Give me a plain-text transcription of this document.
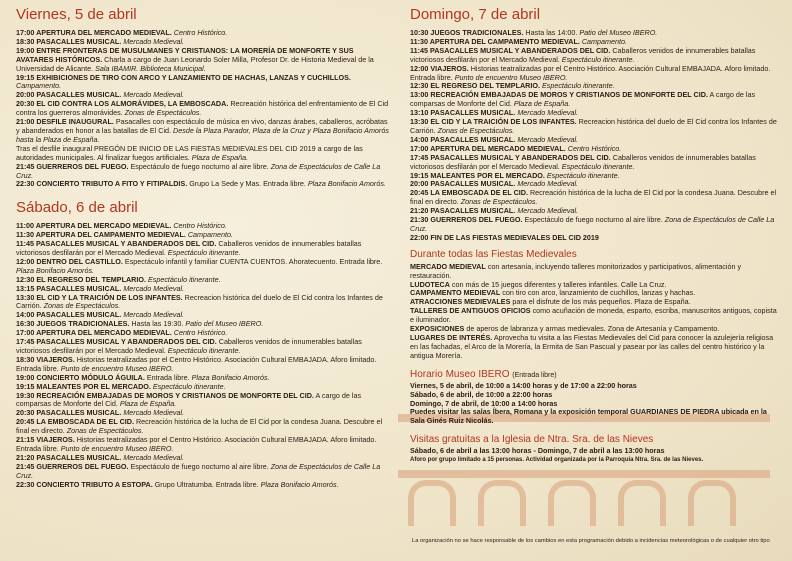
Viernes, 5 de abril

17:00 APERTURA DEL MERCADO MEDIEVAL. Centro Histórico.

18:30 PASACALLES MUSICAL. Mercado Medieval.

19:00 ENTRE FRONTERAS DE MUSULMANES Y CRISTIANOS: LA MORERÍA DE MONFORTE Y SUS AVATARES HISTÓRICOS. Charla a cargo de Juan Leonardo Soler Milla, Profesor Dr. de Historia Medieval de la Universidad de Alicante. Sala IBAMIR. Biblioteca Municipal.

19:15 EXHIBICIONES DE TIRO CON ARCO Y LANZAMIENTO DE HACHAS, LANZAS Y CUCHILLOS. Campamento.

20:00 PASACALLES MUSICAL. Mercado Medieval.

20:30 EL CID CONTRA LOS ALMORÁVIDES, LA EMBOSCADA. Recreación histórica del enfrentamiento de El Cid contra los guerreros almorávides. Zonas de Espectáculos.

21:00 DESFILE INAUGURAL. Pasacalles con espectáculo de música en vivo, danzas árabes, caballeros, acróbatas y abanderados en honor a las batallas de El Cid. Desde la Plaza Parador, Plaza de la Cruz y Plaza Bonifacio Amorós hasta la Plaza de España.

Tras el desfile inaugural PREGÓN DE INICIO DE LAS FIESTAS MEDIEVALES DEL CID 2019 a cargo de las autoridades municipales. Al finalizar fuegos artificiales. Plaza de España.

21:45 GUERREROS DEL FUEGO. Espectáculo de fuego nocturno al aire libre. Zona de Espectáculos de Calle La Cruz.

22:30 CONCIERTO TRIBUTO A FITO Y FITIPALDIS. Grupo La Sede y Mas. Entrada libre. Plaza Bonifacio Amorós.

Sábado, 6 de abril

11:00 APERTURA DEL MERCADO MEDIEVAL. Centro Histórico.

11:30 APERTURA DEL CAMPAMENTO MEDIEVAL. Campamento.

11:45 PASACALLES MUSICAL Y ABANDERADOS DEL CID. Caballeros venidos de innumerables batallas victoriosos desfilarán por el Mercado Medieval. Espectáculo itinerante.

12:00 DENTRO DEL CASTILLO. Espectáculo infantil y familiar CUENTA CUENTOS. Ahoratecuento. Entrada libre. Plaza Bonifacio Amorós.

12:30 EL REGRESO DEL TEMPLARIO. Espectáculo itinerante.

13:15 PASACALLES MUSICAL. Mercado Medieval.

13:30 EL CID Y LA TRAICIÓN DE LOS INFANTES. Recreacion histórica del duelo de El Cid contra los Infantes de Carrión. Zonas de Espectáculos.

14:00 PASACALLES MUSICAL. Mercado Medieval.

16:30 JUEGOS TRADICIONALES. Hasta las 19:30. Patio del Museo IBERO.

17:00 APERTURA DEL MERCADO MEDIEVAL. Centro Histórico.

17:45 PASACALLES MUSICAL Y ABANDERADOS DEL CID. Caballeros venidos de innumerables batallas victoriosos desfilarán por el Mercado Medieval. Espectáculo itinerante.

18:30 VIAJEROS. Historias teatralizadas por el Centro Histórico. Asociación Cultural EMBAJADA. Aforo limitado. Entrada libre. Punto de encuentro Museo IBERO.

19:00 CONCIERTO MÓDULO ÁGUILA. Entrada libre. Plaza Bonifacio Amorós.

19:15 MALEANTES POR EL MERCADO. Espectáculo itinerante.

19:30 RECREACIÓN EMBAJADAS DE MOROS Y CRISTIANOS DE MONFORTE DEL CID. A cargo de las comparsas de Monforte del Cid. Plaza de España.

20:30 PASACALLES MUSICAL. Mercado Medieval.

20:45 LA EMBOSCADA DE EL CID. Recreación histórica de la lucha de El Cid por la condesa Juana. Descubre el final en directo. Zonas de Espectáculos.

21:15 VIAJEROS. Historias teatralizadas por el Centro Histórico. Asociación Cultural EMBAJADA. Aforo limitado. Entrada libre. Punto de encuentro Museo IBERO.

21:20 PASACALLES MUSICAL. Mercado Medieval.

21:45 GUERREROS DEL FUEGO. Espectáculo de fuego nocturno al aire libre. Zona de Espectáculos de Calle La Cruz.

22:30 CONCIERTO TRIBUTO A ESTOPA. Grupo Ultratumba. Entrada libre. Plaza Bonifacio Amorós.

Domingo, 7 de abril

10:30 JUEGOS TRADICIONALES. Hasta las 14:00. Patio del Museo IBERO.

11:30 APERTURA DEL CAMPAMENTO MEDIEVAL. Campamento.

11:45 PASACALLES MUSICAL Y ABANDERADOS DEL CID. Caballeros venidos de innumerables batallas victoriosos desfilarán por el Mercado Medieval. Espectáculo itinerante.

12:00 VIAJEROS. Historias teatralizadas por el Centro Histórico. Asociación Cultural EMBAJADA. Aforo limitado. Entrada libre. Punto de encuentro Museo IBERO.

12:30 EL REGRESO DEL TEMPLARIO. Espectáculo itinerante.

13:00 RECREACIÓN EMBAJADAS DE MOROS Y CRISTIANOS DE MONFORTE DEL CID. A cargo de las comparsas de Monforte del Cid. Plaza de España.

13:10 PASACALLES MUSICAL. Mercado Medieval.

13:30 EL CID Y LA TRAICIÓN DE LOS INFANTES. Recreacion histórica del duelo de El Cid contra los Infantes de Carrión. Zonas de Espectáculos.

14:00 PASACALLES MUSICAL. Mercado Medieval.

17:00 APERTURA DEL MERCADO MEDIEVAL. Centro Histórico.

17:45 PASACALLES MUSICAL Y ABANDERADOS DEL CID. Caballeros venidos de innumerables batallas victoriosos desfilarán por el Mercado Medieval. Espectáculo itinerante.

19:15 MALEANTES POR EL MERCADO. Espectáculo itinerante.

20:00 PASACALLES MUSICAL. Mercado Medieval.

20:45 LA EMBOSCADA DE EL CID. Recreación histórica de la lucha de El Cid por la condesa Juana. Descubre el final en directo. Zonas de Espectáculos.

21:20 PASACALLES MUSICAL. Mercado Medieval.

21:30 GUERREROS DEL FUEGO. Espectáculo de fuego nocturno al aire libre. Zona de Espectáculos de Calle La Cruz.

22:00 FIN DE LAS FIESTAS MEDIEVALES DEL CID 2019

Durante todas las Fiestas Medievales

MERCADO MEDIEVAL con artesanía, incluyendo talleres monitorizados y participativos, alimentación y restauración.

LUDOTECA con más de 15 juegos diferentes y talleres infantiles. Calle La Cruz.

CAMPAMENTO MEDIEVAL con tiro con arco, lanzamiento de cuchillos, lanzas y hachas.

ATRACCIONES MEDIEVALES para el disfrute de los más pequeños. Plaza de España.

TALLERES DE ANTIGUOS OFICIOS como acuñación de moneda, esparto, escriba, manuscritos antiguos, copista e iluminador.

EXPOSICIONES de aperos de labranza y armas medievales. Zona de Artesanía y Campamento.

LUGARES DE INTERÉS. Aprovecha tu visita a las Fiestas Medievales del Cid para conocer la azulejería religiosa en las fachadas, el Arco de la Morería, la Ermita de San Pascual y pasear por las calles del centro histórico y la antigua Morería.

Horario Museo IBERO (Entrada libre)

Viernes, 5 de abril, de 10:00 a 14:00 horas y de 17:00 a 22:00 horas

Sábado, 6 de abril, de 10:00 a 22:00 horas

Domingo, 7 de abril, de 10:00 a 14:00 horas

Puedes visitar las salas Íbera, Romana y la exposición temporal GUARDIANES DE PIEDRA ubicada en la Sala Ginés Ruiz Nicolás.

Visitas gratuitas a la Iglesia de Ntra. Sra. de las Nieves

Sábado, 6 de abril a las 13:00 horas - Domingo, 7 de abril a las 13:00 horas

Aforo por grupo limitado a 15 personas. Actividad organizada por la Parroquia Ntra. Sra. de las Nieves.

La organización no se hace responsable de los cambios en esta programación debido a incidencias meteorológicas o de cualquier otro tipo
